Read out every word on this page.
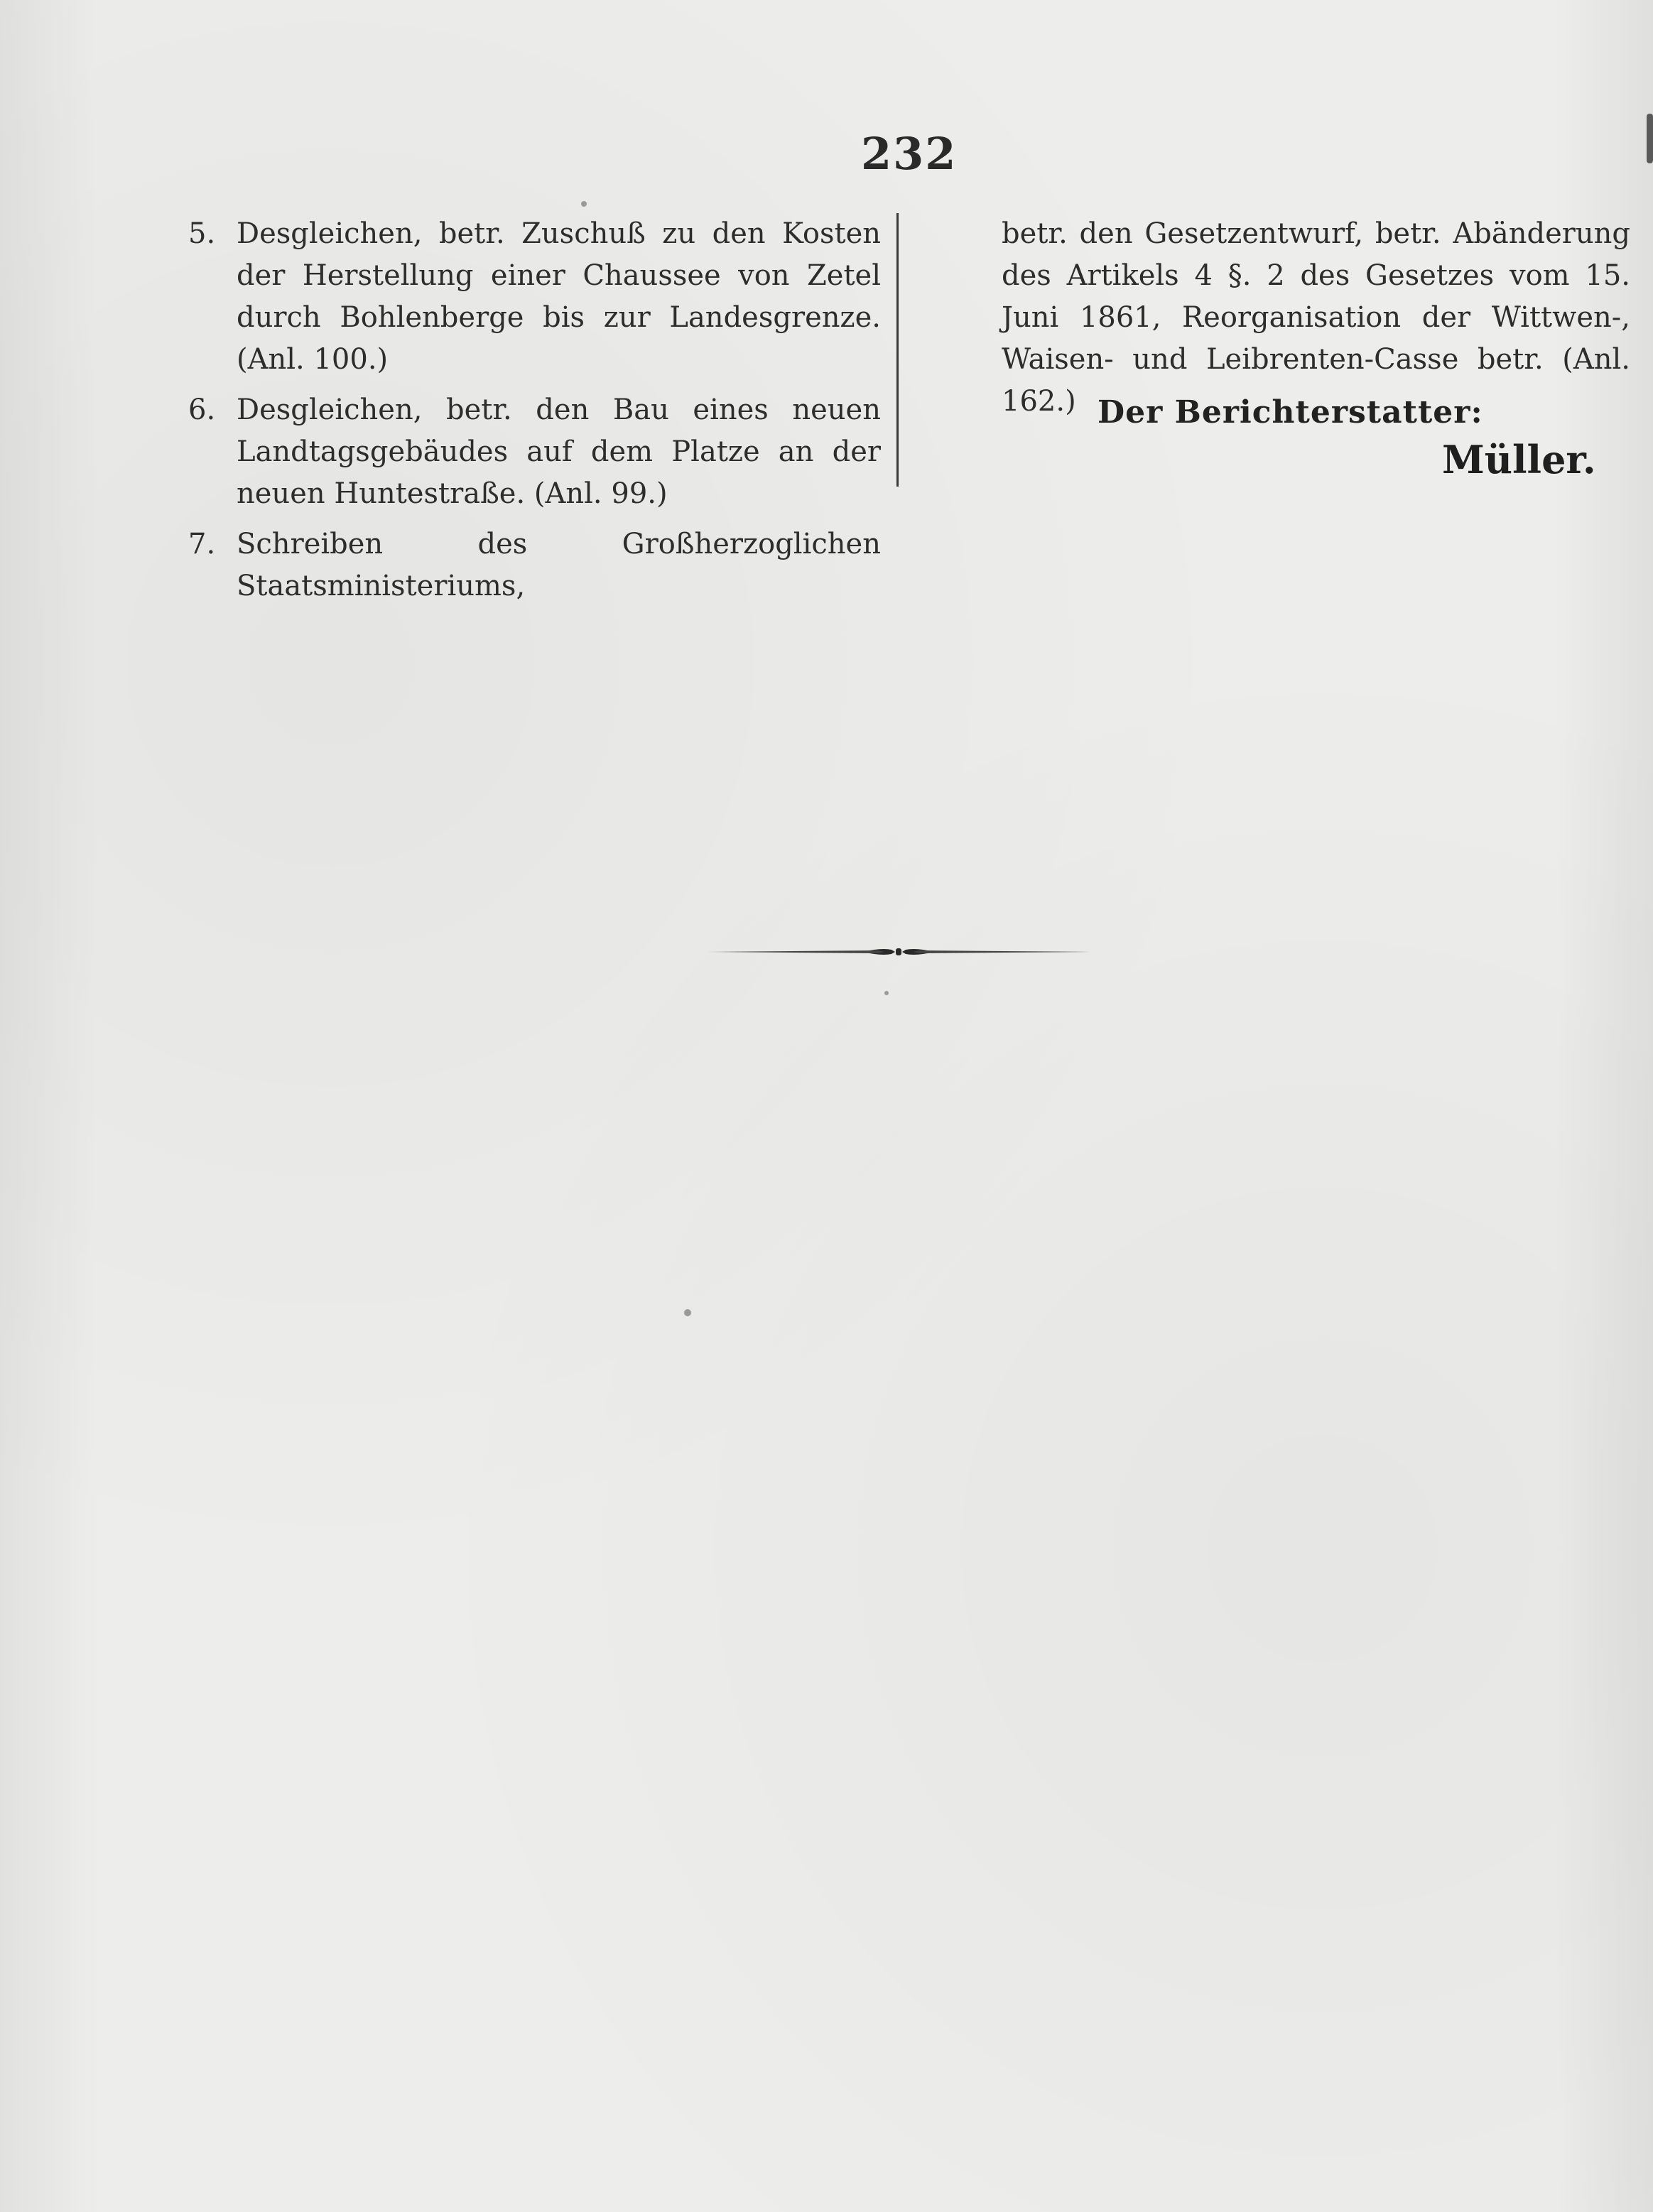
232
5. Desgleichen, betr. Zuschuß zu den Kosten der Herstellung einer Chaussee von Zetel durch Bohlenberge bis zur Landesgrenze. (Anl. 100.)
6. Desgleichen, betr. den Bau eines neuen Landtagsgebäudes auf dem Platze an der neuen Huntestraße. (Anl. 99.)
7. Schreiben des Großherzoglichen Staatsministeriums,
betr. den Gesetzentwurf, betr. Abänderung des Artikels 4 §. 2 des Gesetzes vom 15. Juni 1861, Reorganisation der Wittwen-, Waisen- und Leibrenten-Casse betr. (Anl. 162.) Der Berichterstatter:
Müller.
